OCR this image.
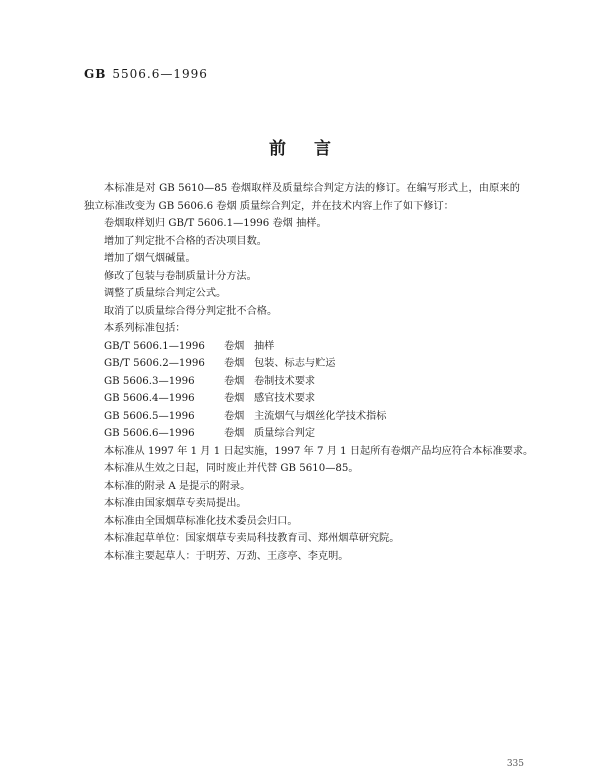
GB 5506.6—1996
前言
本标准是对 GB 5610—85 卷烟取样及质量综合判定方法的修订。在编写形式上，由原来的独立标准改变为 GB 5606.6 卷烟 质量综合判定，并在技术内容上作了如下修订：
卷烟取样划归 GB/T 5606.1—1996 卷烟 抽样。
增加了判定批不合格的否决项目数。
增加了烟气烟碱量。
修改了包装与卷制质量计分方法。
调整了质量综合判定公式。
取消了以质量综合得分判定批不合格。
本系列标准包括：
GB/T 5606.1—1996 卷烟 抽样
GB/T 5606.2—1996 卷烟 包装、标志与贮运
GB 5606.3—1996	卷烟 卷制技术要求
GB 5606.4—1996	卷烟 感官技术要求
GB 5606.5—1996	卷烟 主流烟气与烟丝化学技术指标
GB 5606.6—1996	卷烟 质量综合判定
本标准从 1997 年 1 月 1 日起实施，1997 年 7 月 1 日起所有卷烟产品均应符合本标准要求。
本标准从生效之日起，同时废止并代替 GB 5610—85。
本标准的附录 A 是提示的附录。
本标准由国家烟草专卖局提出。
本标准由全国烟草标准化技术委员会归口。
本标准起草单位：国家烟草专卖局科技教育司、郑州烟草研究院。
本标准主要起草人：于明芳、万劲、王彦亭、李克明。
335
